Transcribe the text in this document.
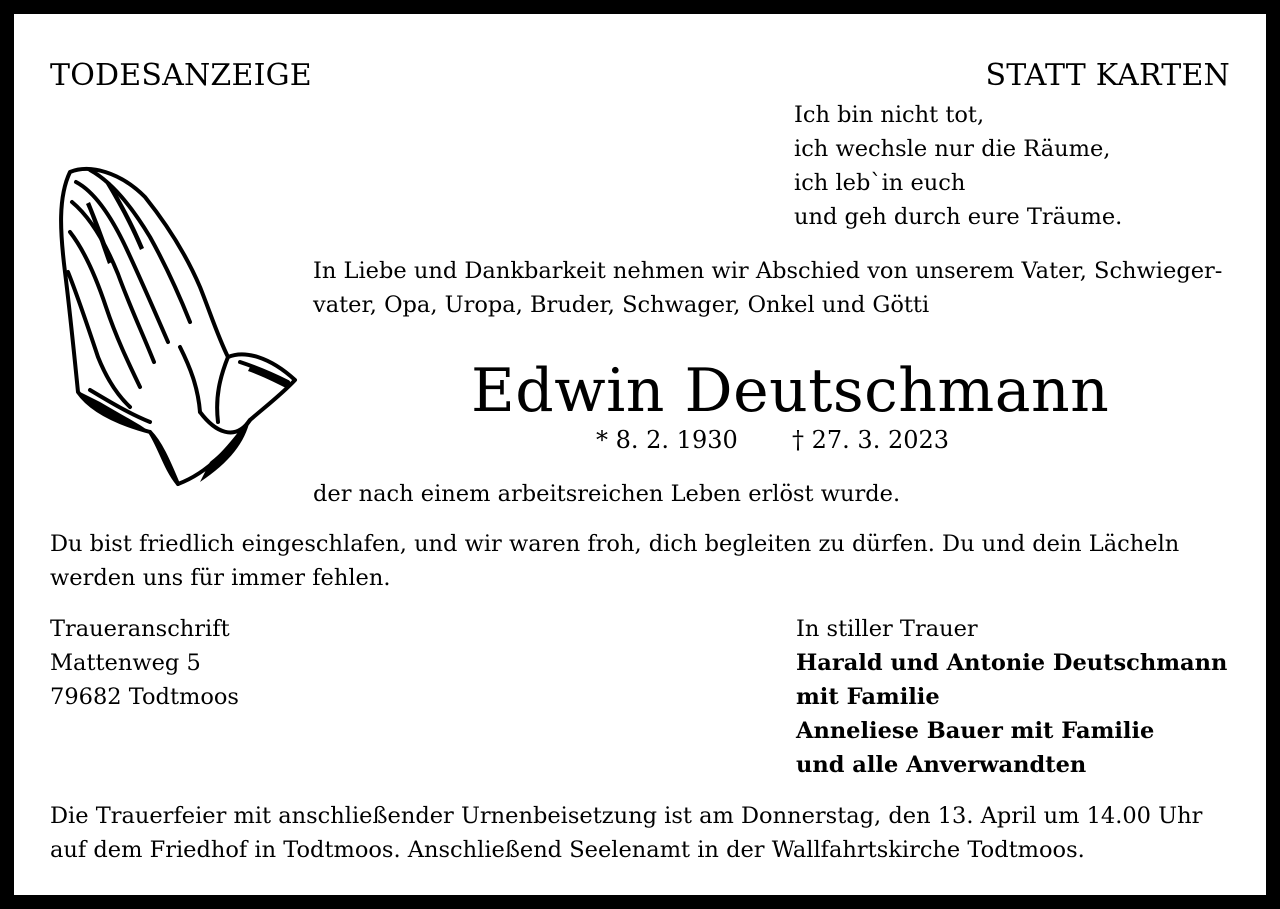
TODESANZEIGE	STATT KARTEN
Ich bin nicht tot,
ich wechsle nur die Räume,
ich leb`in euch
und geh durch eure Träume.
In Liebe und Dankbarkeit nehmen wir Abschied von unserem Vater, Schwieger-
vater, Opa, Uropa, Bruder, Schwager, Onkel und Götti
Edwin Deutschmann
* 8. 2. 1930 † 27. 3. 2023
der nach einem arbeitsreichen Leben erlöst wurde.
Du bist friedlich eingeschlafen, und wir waren froh, dich begleiten zu dürfen. Du und dein Lächeln
werden uns für immer fehlen.
Traueranschrift
Mattenweg 5
79682 Todtmoos
In stiller Trauer
Harald und Antonie Deutschmann
mit Familie
Anneliese Bauer mit Familie
und alle Anverwandten
Die Trauerfeier mit anschließender Urnenbeisetzung ist am Donnerstag, den 13. April um 14.00 Uhr
auf dem Friedhof in Todtmoos. Anschließend Seelenamt in der Wallfahrtskirche Todtmoos.
